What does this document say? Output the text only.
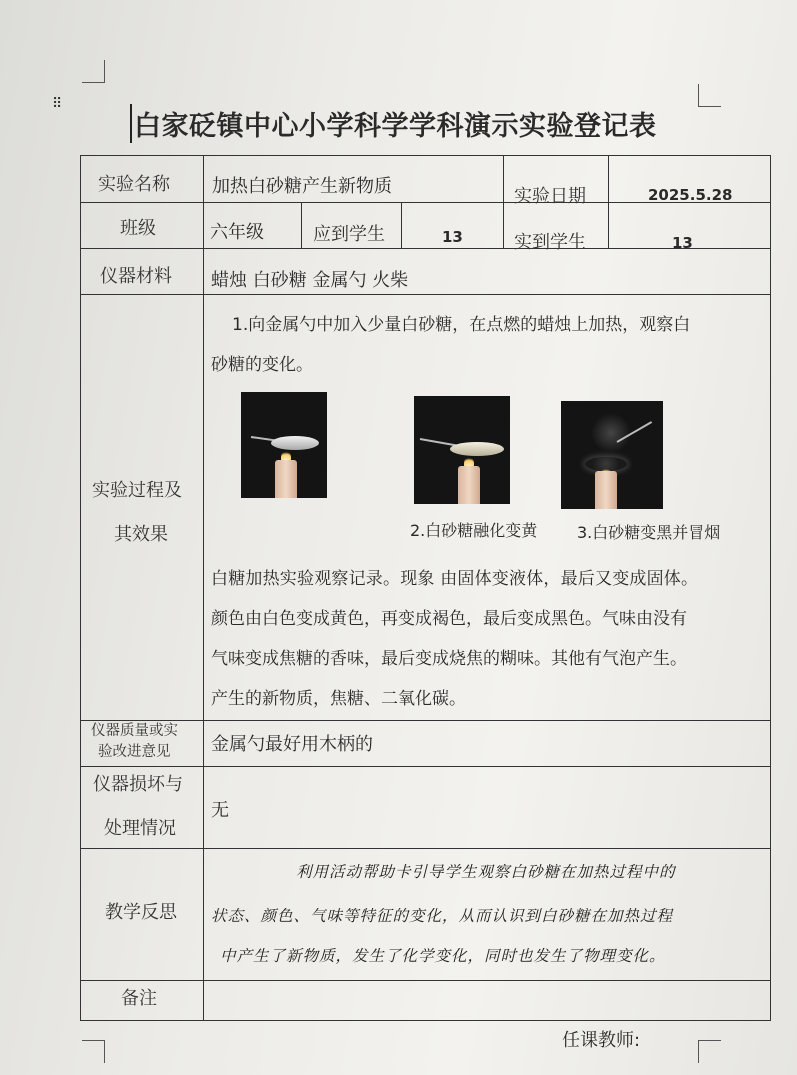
⠿
白家砭镇中心小学科学学科演示实验登记表
实验名称 加热白砂糖产生新物质	实验日期	2025.5.28
班级	六年级	应到学生	13	实到学生	13
仪器材料 蜡烛 白砂糖 金属勺 火柴
实验过程及
其效果
1.向金属勺中加入少量白砂糖，在点燃的蜡烛上加热，观察白
砂糖的变化。
2.白砂糖融化变黄 3.白砂糖变黑并冒烟
白糖加热实验观察记录。现象 由固体变液体，最后又变成固体。
颜色由白色变成黄色，再变成褐色，最后变成黑色。气味由没有
气味变成焦糖的香味，最后变成烧焦的糊味。其他有气泡产生。
产生的新物质，焦糖、二氧化碳。
仪器质量或实
验改进意见 金属勺最好用木柄的
仪器损坏与
处理情况
无
教学反思
利用活动帮助卡引导学生观察白砂糖在加热过程中的
状态、颜色、气味等特征的变化，从而认识到白砂糖在加热过程
中产生了新物质，发生了化学变化，同时也发生了物理变化。
备注
任课教师:
